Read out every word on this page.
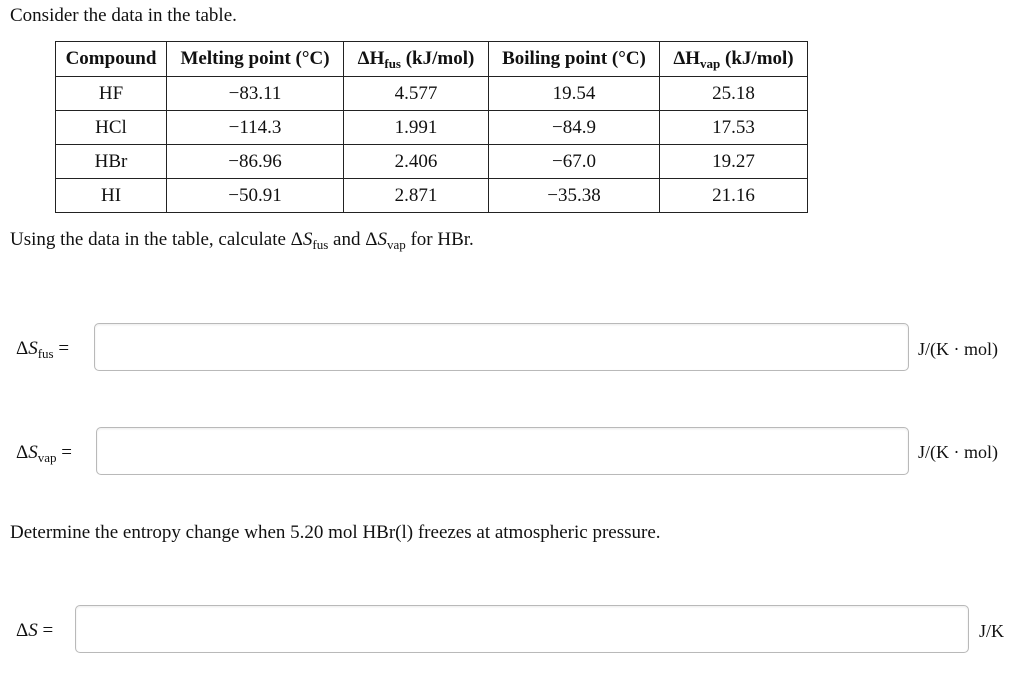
Consider the data in the table.
Compound	Melting point (°C)	$\Delta H_{fus}$ (kJ/mol)	Boiling point (°C)	$\Delta H_{vap}$ (kJ/mol)
HF	−83.11	4.577	19.54	25.18
HCl	−114.3	1.991	−84.9	17.53
HBr	−86.96	2.406	−67.0	19.27
HI	−50.91	2.871	−35.38	21.16
Using the data in the table, calculate $\Delta S_{fus}$ and $\Delta S_{vap}$ for HBr.
$\Delta S_{fus}$ =	J/(K · mol)
$\Delta S_{vap}$ =	J/(K · mol)
Determine the entropy change when 5.20 mol HBr(l) freezes at atmospheric pressure.
ΔS =	J/K
